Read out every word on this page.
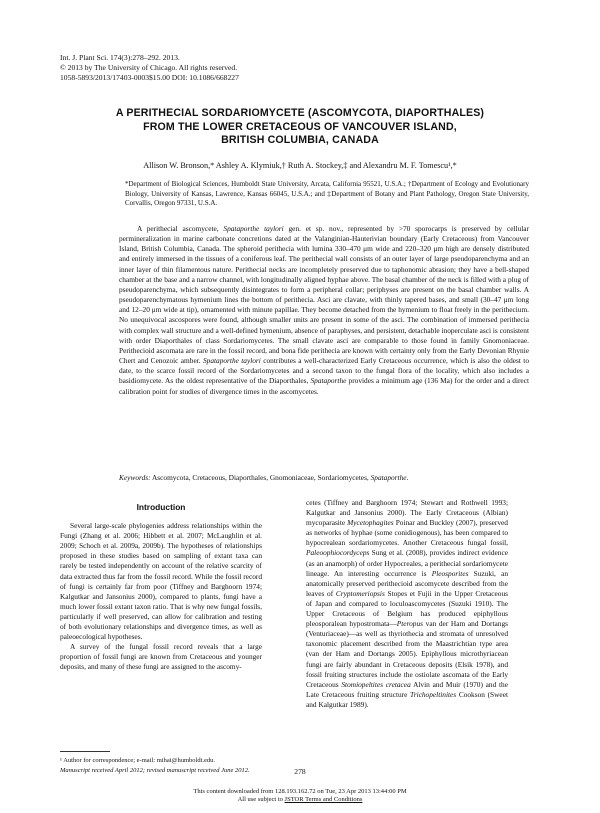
Int. J. Plant Sci. 174(3):278–292. 2013.
© 2013 by The University of Chicago. All rights reserved.
1058-5893/2013/17403-0003$15.00 DOI: 10.1086/668227
A PERITHECIAL SORDARIOMYCETE (ASCOMYCOTA, DIAPORTHALES)
FROM THE LOWER CRETACEOUS OF VANCOUVER ISLAND,
BRITISH COLUMBIA, CANADA
Allison W. Bronson,* Ashley A. Klymiuk,† Ruth A. Stockey,‡ and Alexandru M. F. Tomescu¹,*
*Department of Biological Sciences, Humboldt State University, Arcata, California 95521, U.S.A.; †Department of Ecology and Evolutionary Biology, University of Kansas, Lawrence, Kansas 66045, U.S.A.; and ‡Department of Botany and Plant Pathology, Oregon State University, Corvallis, Oregon 97331, U.S.A.

A perithecial ascomycete, Spataporthe taylori gen. et sp. nov., represented by >70 sporocarps is preserved by cellular permineralization in marine carbonate concretions dated at the Valanginian-Hauterivian boundary (Early Cretaceous) from Vancouver Island, British Columbia, Canada. The spheroid perithecia with lumina 330–470 μm wide and 220–320 μm high are densely distributed and entirely immersed in the tissues of a coniferous leaf. The perithecial wall consists of an outer layer of large pseudoparenchyma and an inner layer of thin filamentous nature. Perithecial necks are incompletely preserved due to taphonomic abrasion; they have a bell-shaped chamber at the base and a narrow channel, with longitudinally aligned hyphae above. The basal chamber of the neck is filled with a plug of pseudoparenchyma, which subsequently disintegrates to form a peripheral collar; periphyses are present on the basal chamber walls. A pseudoparenchymatous hymenium lines the bottom of perithecia. Asci are clavate, with thinly tapered bases, and small (30–47 μm long and 12–20 μm wide at tip), ornamented with minute papillae. They become detached from the hymenium to float freely in the perithecium. No unequivocal ascospores were found, although smaller units are present in some of the asci. The combination of immersed perithecia with complex wall structure and a well-defined hymenium, absence of paraphyses, and persistent, detachable inoperculate asci is consistent with order Diaporthales of class Sordariomycetes. The small clavate asci are comparable to those found in family Gnomoniaceae. Perithecioid ascomata are rare in the fossil record, and bona fide perithecia are known with certainty only from the Early Devonian Rhynie Chert and Cenozoic amber. Spataporthe taylori contributes a well-characterized Early Cretaceous occurrence, which is also the oldest to date, to the scarce fossil record of the Sordariomycetes and a second taxon to the fungal flora of the locality, which also includes a basidiomycete. As the oldest representative of the Diaporthales, Spataporthe provides a minimum age (136 Ma) for the order and a direct calibration point for studies of divergence times in the ascomycetes.

Keywords: Ascomycota, Cretaceous, Diaporthales, Gnomoniaceae, Sordariomycetes, Spataporthe.
Introduction

Several large-scale phylogenies address relationships within the Fungi (Zhang et al. 2006; Hibbett et al. 2007; McLaughlin et al. 2009; Schoch et al. 2009a, 2009b). The hypotheses of relationships proposed in these studies based on sampling of extant taxa can rarely be tested independently on account of the relative scarcity of data extracted thus far from the fossil record. While the fossil record of fungi is certainly far from poor (Tiffney and Barghoorn 1974; Kalgutkar and Jansonius 2000), compared to plants, fungi have a much lower fossil extant taxon ratio. That is why new fungal fossils, particularly if well preserved, can allow for calibration and testing of both evolutionary relationships and divergence times, as well as paleoecological hypotheses.

A survey of the fungal fossil record reveals that a large proportion of fossil fungi are known from Cretaceous and younger deposits, and many of these fungi are assigned to the ascomy-

cetes (Tiffney and Barghoorn 1974; Stewart and Rothwell 1993; Kalgutkar and Jansonius 2000). The Early Cretaceous (Albian) mycoparasite Mycetophagites Poinar and Buckley (2007), preserved as networks of hyphae (some conidiogenous), has been compared to hypocrealean sordariomycetes. Another Cretaceous fungal fossil, Paleoophiocordyceps Sung et al. (2008), provides indirect evidence (as an anamorph) of order Hypocreales, a perithecial sordariomycete lineage. An interesting occurrence is Pleosporites Suzuki, an anatomically preserved perithecioid ascomycete described from the leaves of Cryptomeriopsis Stopes et Fujii in the Upper Cretaceous of Japan and compared to loculoascomycetes (Suzuki 1910). The Upper Cretaceous of Belgium has produced epiphyllous pleosporalean hypostromata—Pteropus van der Ham and Dortangs (Venturiaceae)—as well as thyriothecia and stromata of unresolved taxonomic placement described from the Maastrichtian type area (van der Ham and Dortangs 2005). Epiphyllous microthyriacean fungi are fairly abundant in Cretaceous deposits (Elsik 1978), and fossil fruiting structures include the ostiolate ascomata of the Early Cretaceous Stomiopeltites cretacea Alvin and Muir (1970) and the Late Cretaceous fruiting structure Trichopeltinites Cookson (Sweet and Kalgutkar 1989).

¹ Author for correspondence; e-mail: mihai@humboldt.edu.
Manuscript received April 2012; revised manuscript received June 2012.	278
This content downloaded from 128.193.162.72 on Tue, 23 Apr 2013 13:44:00 PM
All use subject to JSTOR Terms and Conditions
